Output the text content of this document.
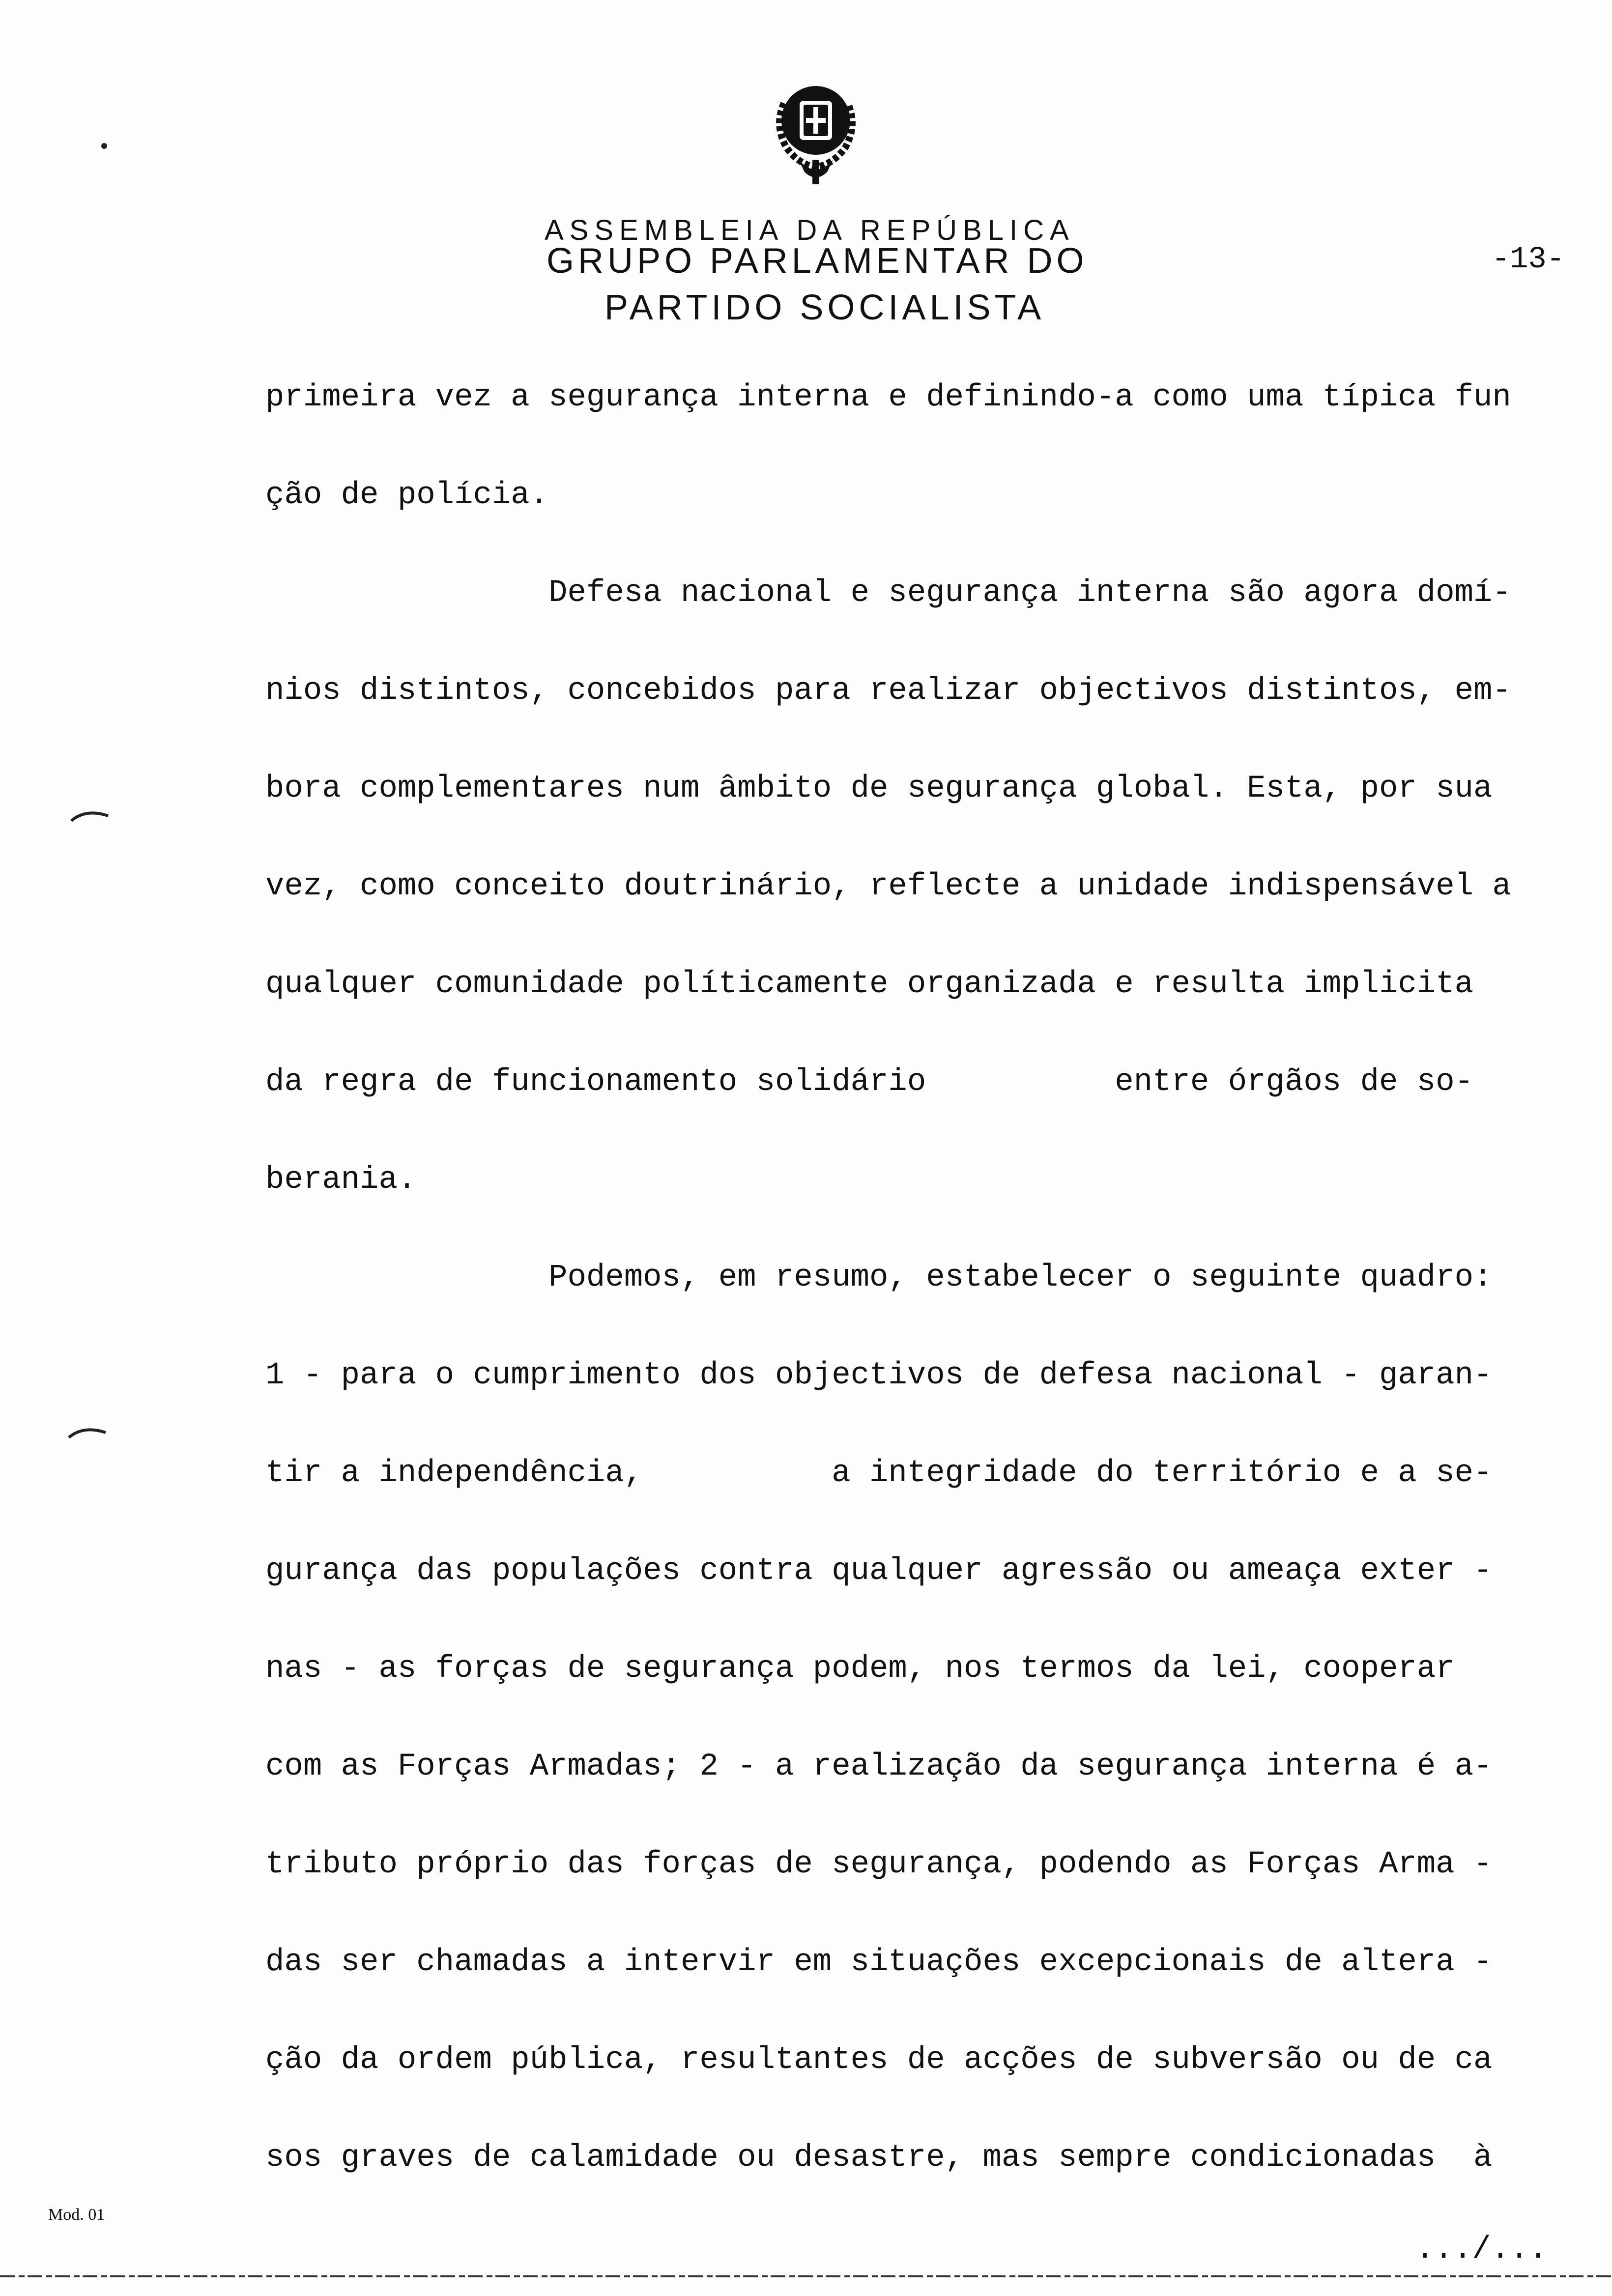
ASSEMBLEIA DA REPÚBLICA
GRUPO PARLAMENTAR DO
PARTIDO SOCIALISTA
-13-
primeira vez a segurança interna e definindo-a como uma típica fun
ção de polícia.
Defesa nacional e segurança interna são agora domí-
nios distintos, concebidos para realizar objectivos distintos, em-
bora complementares num âmbito de segurança global. Esta, por sua
vez, como conceito doutrinário, reflecte a unidade indispensável a
qualquer comunidade políticamente organizada e resulta implicita
da regra de funcionamento solidário          entre órgãos de so-
berania.
Podemos, em resumo, estabelecer o seguinte quadro:
1 - para o cumprimento dos objectivos de defesa nacional - garan-
tir a independência,          a integridade do território e a se-
gurança das populações contra qualquer agressão ou ameaça exter -
nas - as forças de segurança podem, nos termos da lei, cooperar
com as Forças Armadas; 2 - a realização da segurança interna é a-
tributo próprio das forças de segurança, podendo as Forças Arma -
das ser chamadas a intervir em situações excepcionais de altera -
ção da ordem pública, resultantes de acções de subversão ou de ca
sos graves de calamidade ou desastre, mas sempre condicionadas  à
Mod. 01
.../...
